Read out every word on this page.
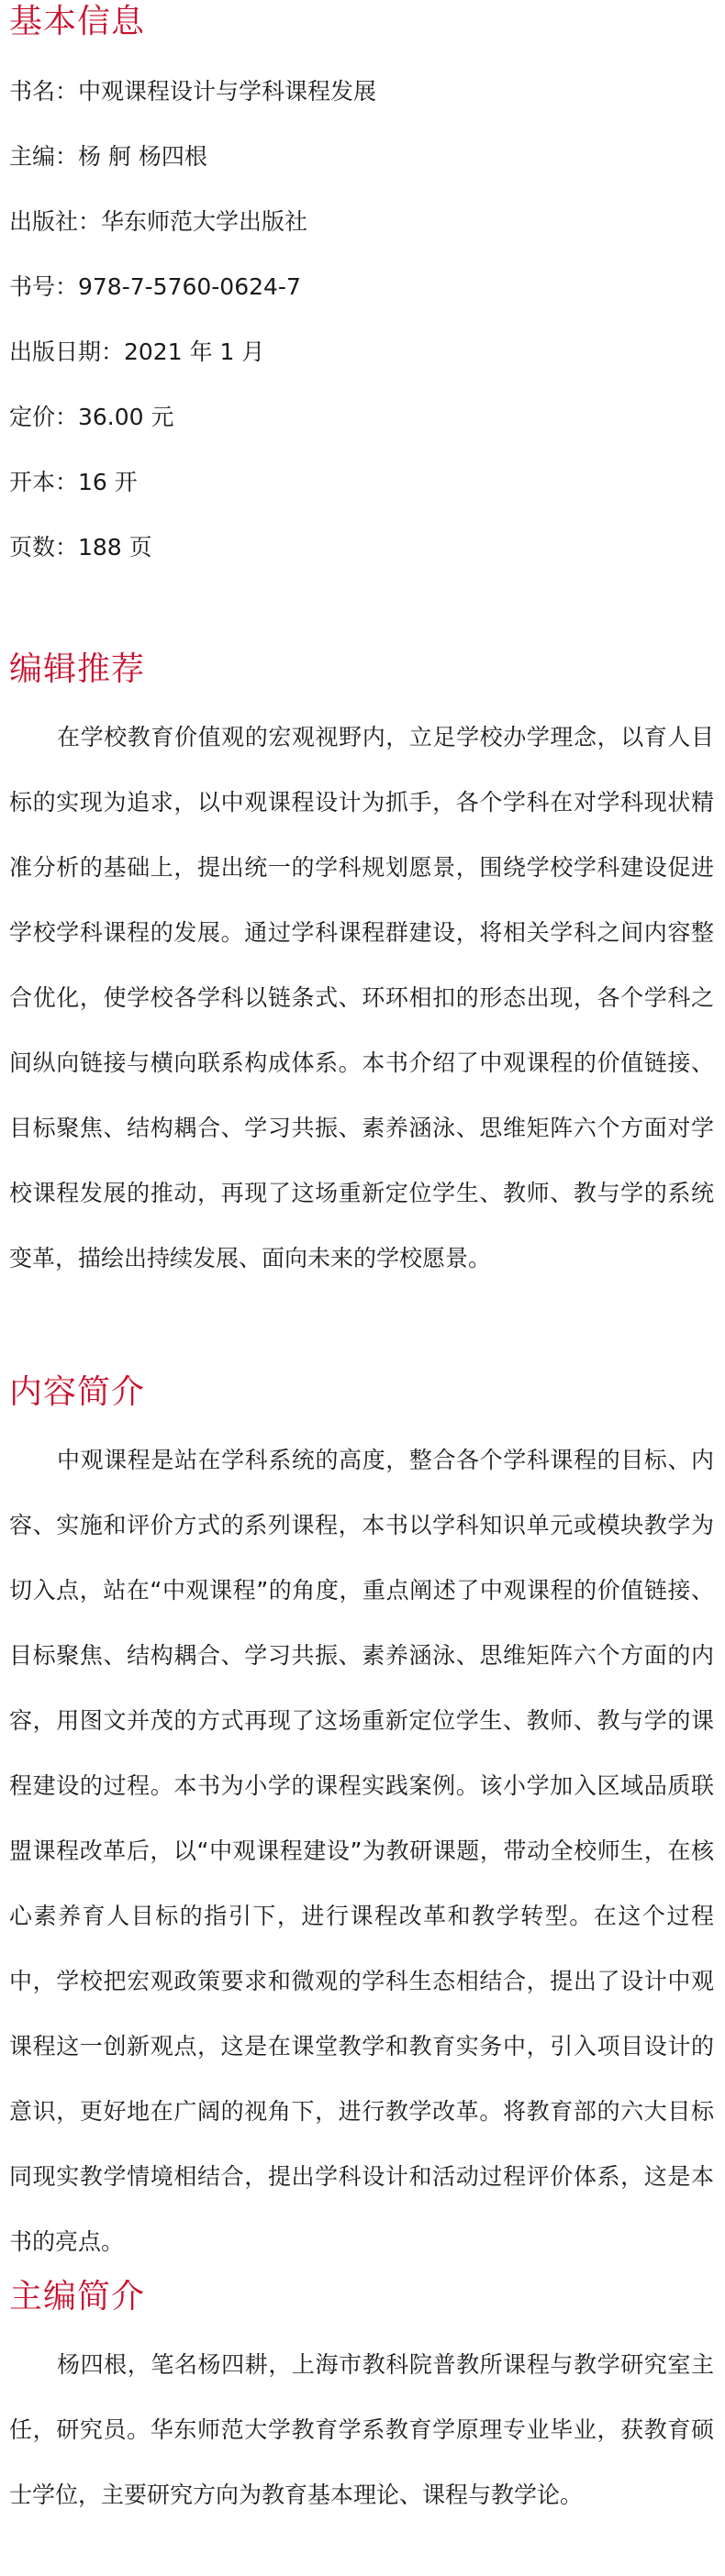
基本信息
书名：中观课程设计与学科课程发展
主编：杨 舸 杨四根
出版社：华东师范大学出版社
书号：978-7-5760-0624-7
出版日期：2021 年 1 月
定价：36.00 元
开本：16 开
页数：188 页
编辑推荐

在学校教育价值观的宏观视野内，立足学校办学理念，以育人目标的实现为追求，以中观课程设计为抓手，各个学科在对学科现状精准分析的基础上，提出统一的学科规划愿景，围绕学校学科建设促进学校学科课程的发展。通过学科课程群建设，将相关学科之间内容整合优化，使学校各学科以链条式、环环相扣的形态出现，各个学科之间纵向链接与横向联系构成体系。本书介绍了中观课程的价值链接、目标聚焦、结构耦合、学习共振、素养涵泳、思维矩阵六个方面对学校课程发展的推动，再现了这场重新定位学生、教师、教与学的系统变革，描绘出持续发展、面向未来的学校愿景。

内容简介

中观课程是站在学科系统的高度，整合各个学科课程的目标、内容、实施和评价方式的系列课程，本书以学科知识单元或模块教学为切入点，站在“中观课程”的角度，重点阐述了中观课程的价值链接、目标聚焦、结构耦合、学习共振、素养涵泳、思维矩阵六个方面的内容，用图文并茂的方式再现了这场重新定位学生、教师、教与学的课程建设的过程。本书为小学的课程实践案例。该小学加入区域品质联盟课程改革后，以“中观课程建设”为教研课题，带动全校师生，在核心素养育人目标的指引下，进行课程改革和教学转型。在这个过程中，学校把宏观政策要求和微观的学科生态相结合，提出了设计中观课程这一创新观点，这是在课堂教学和教育实务中，引入项目设计的意识，更好地在广阔的视角下，进行教学改革。将教育部的六大目标同现实教学情境相结合，提出学科设计和活动过程评价体系，这是本书的亮点。

主编简介

杨四根，笔名杨四耕，上海市教科院普教所课程与教学研究室主任，研究员。华东师范大学教育学系教育学原理专业毕业，获教育硕士学位，主要研究方向为教育基本理论、课程与教学论。
